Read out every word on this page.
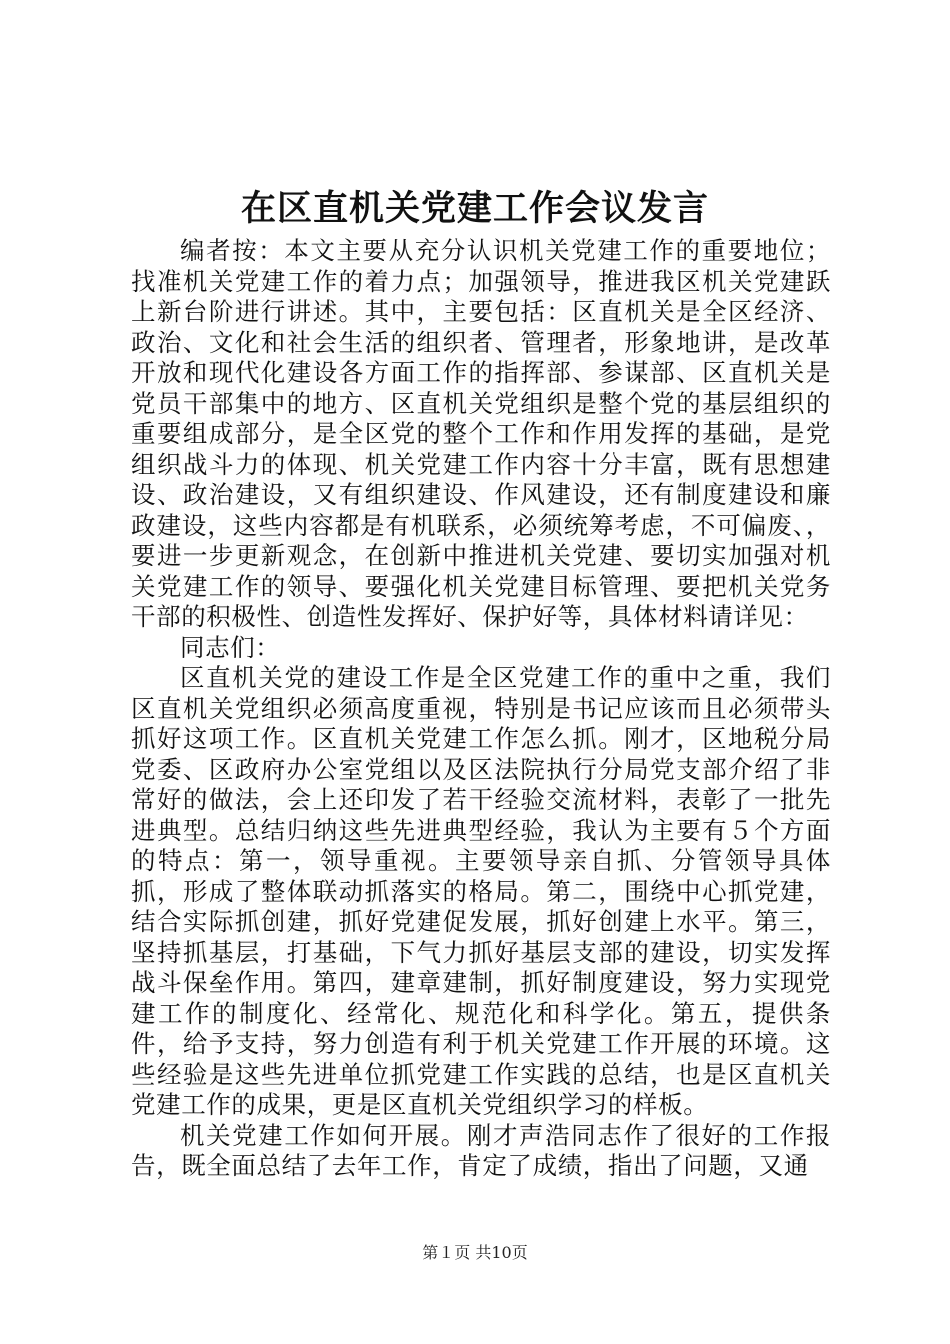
在区直机关党建工作会议发言

编者按：本文主要从充分认识机关党建工作的重要地位；找准机关党建工作的着力点；加强领导，推进我区机关党建跃上新台阶进行讲述。其中，主要包括：区直机关是全区经济、政治、文化和社会生活的组织者、管理者，形象地讲，是改革开放和现代化建设各方面工作的指挥部、参谋部、区直机关是党员干部集中的地方、区直机关党组织是整个党的基层组织的重要组成部分，是全区党的整个工作和作用发挥的基础，是党组织战斗力的体现、机关党建工作内容十分丰富，既有思想建设、政治建设，又有组织建设、作风建设，还有制度建设和廉政建设，这些内容都是有机联系，必须统筹考虑，不可偏废、，要进一步更新观念，在创新中推进机关党建、要切实加强对机关党建工作的领导、要强化机关党建目标管理、要把机关党务干部的积极性、创造性发挥好、保护好等，具体材料请详见：

同志们：

区直机关党的建设工作是全区党建工作的重中之重，我们区直机关党组织必须高度重视，特别是书记应该而且必须带头抓好这项工作。区直机关党建工作怎么抓。刚才，区地税分局党委、区政府办公室党组以及区法院执行分局党支部介绍了非常好的做法，会上还印发了若干经验交流材料，表彰了一批先进典型。总结归纳这些先进典型经验，我认为主要有５个方面的特点：第一，领导重视。主要领导亲自抓、分管领导具体抓，形成了整体联动抓落实的格局。第二，围绕中心抓党建，结合实际抓创建，抓好党建促发展，抓好创建上水平。第三，坚持抓基层，打基础，下气力抓好基层支部的建设，切实发挥战斗保垒作用。第四，建章建制，抓好制度建设，努力实现党建工作的制度化、经常化、规范化和科学化。第五，提供条件，给予支持，努力创造有利于机关党建工作开展的环境。这些经验是这些先进单位抓党建工作实践的总结，也是区直机关党建工作的成果，更是区直机关党组织学习的样板。

机关党建工作如何开展。刚才声浩同志作了很好的工作报告，既全面总结了去年工作，肯定了成绩，指出了问题，又通

第１页 共10页
